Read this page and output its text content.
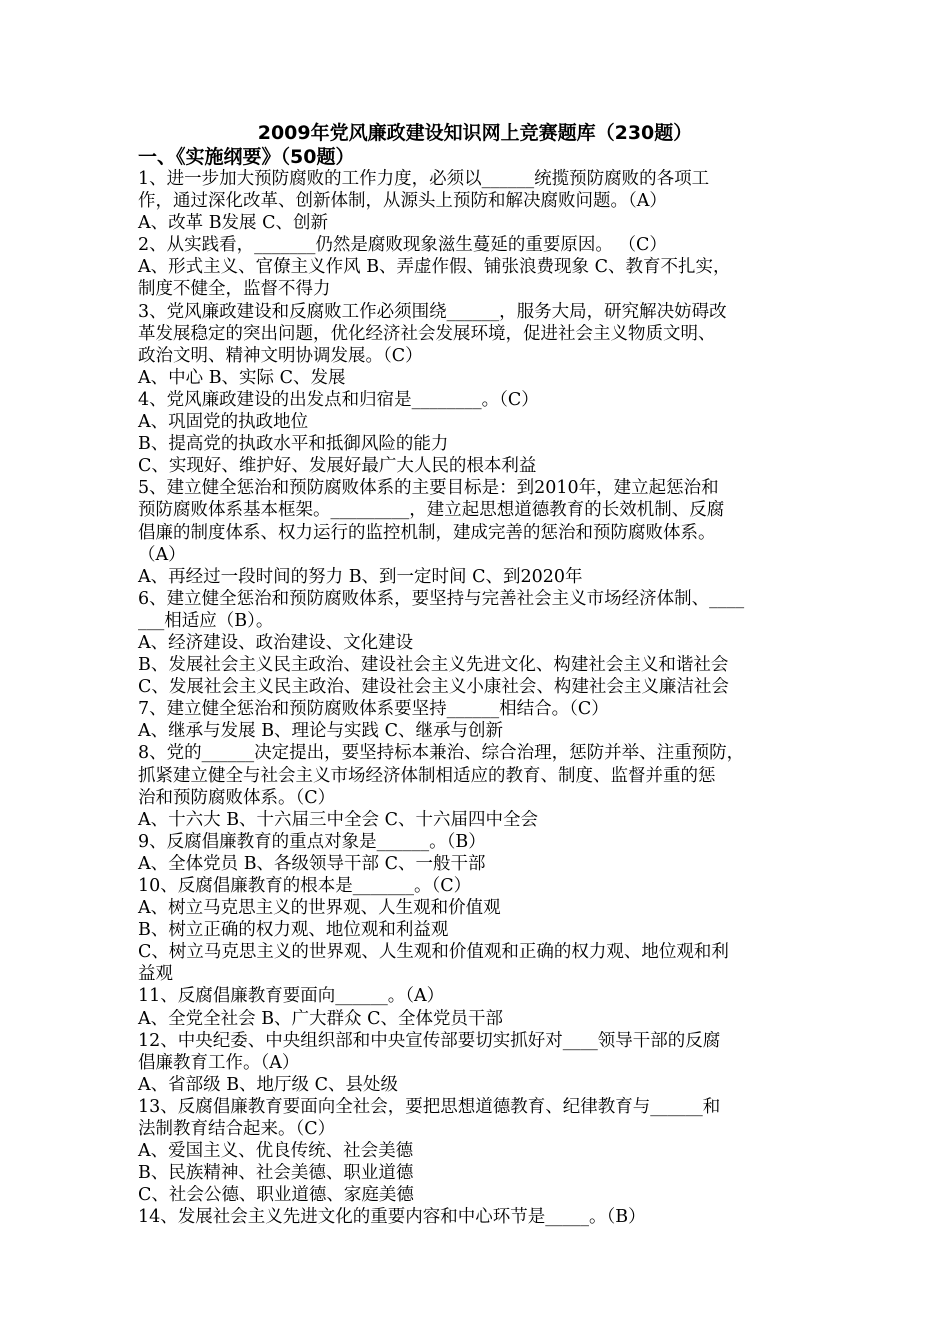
2009年党风廉政建设知识网上竞赛题库（230题）
一、《实施纲要》（50题）
1、进一步加大预防腐败的工作力度，必须以______统揽预防腐败的各项工
作，通过深化改革、创新体制，从源头上预防和解决腐败问题。（A）
A、改革 B发展 C、创新
2、从实践看，_______仍然是腐败现象滋生蔓延的重要原因。 （C）
A、形式主义、官僚主义作风 B、弄虚作假、铺张浪费现象 C、教育不扎实，
制度不健全，监督不得力
3、党风廉政建设和反腐败工作必须围绕______，服务大局，研究解决妨碍改
革发展稳定的突出问题，优化经济社会发展环境，促进社会主义物质文明、
政治文明、精神文明协调发展。（C）
A、中心 B、实际 C、发展
4、党风廉政建设的出发点和归宿是________。（C）
A、巩固党的执政地位
B、提高党的执政水平和抵御风险的能力
C、实现好、维护好、发展好最广大人民的根本利益
5、建立健全惩治和预防腐败体系的主要目标是：到2010年，建立起惩治和
预防腐败体系基本框架。_________，建立起思想道德教育的长效机制、反腐
倡廉的制度体系、权力运行的监控机制，建成完善的惩治和预防腐败体系。
（A）
A、再经过一段时间的努力 B、到一定时间 C、到2020年
6、建立健全惩治和预防腐败体系，要坚持与完善社会主义市场经济体制、____
___相适应（B）。
A、经济建设、政治建设、文化建设
B、发展社会主义民主政治、建设社会主义先进文化、构建社会主义和谐社会
C、发展社会主义民主政治、建设社会主义小康社会、构建社会主义廉洁社会
7、建立健全惩治和预防腐败体系要坚持______相结合。（C）
A、继承与发展 B、理论与实践 C、继承与创新
8、党的______决定提出，要坚持标本兼治、综合治理，惩防并举、注重预防，
抓紧建立健全与社会主义市场经济体制相适应的教育、制度、监督并重的惩
治和预防腐败体系。（C）
A、十六大 B、十六届三中全会 C、十六届四中全会
9、反腐倡廉教育的重点对象是______。（B）
A、全体党员 B、各级领导干部 C、一般干部
10、反腐倡廉教育的根本是_______。（C）
A、树立马克思主义的世界观、人生观和价值观
B、树立正确的权力观、地位观和利益观
C、树立马克思主义的世界观、人生观和价值观和正确的权力观、地位观和利
益观
11、反腐倡廉教育要面向______。（A）
A、全党全社会 B、广大群众 C、全体党员干部
12、中央纪委、中央组织部和中央宣传部要切实抓好对____领导干部的反腐
倡廉教育工作。（A）
A、省部级 B、地厅级 C、县处级
13、反腐倡廉教育要面向全社会，要把思想道德教育、纪律教育与______和
法制教育结合起来。（C）
A、爱国主义、优良传统、社会美德
B、民族精神、社会美德、职业道德
C、社会公德、职业道德、家庭美德
14、发展社会主义先进文化的重要内容和中心环节是_____。（B）
